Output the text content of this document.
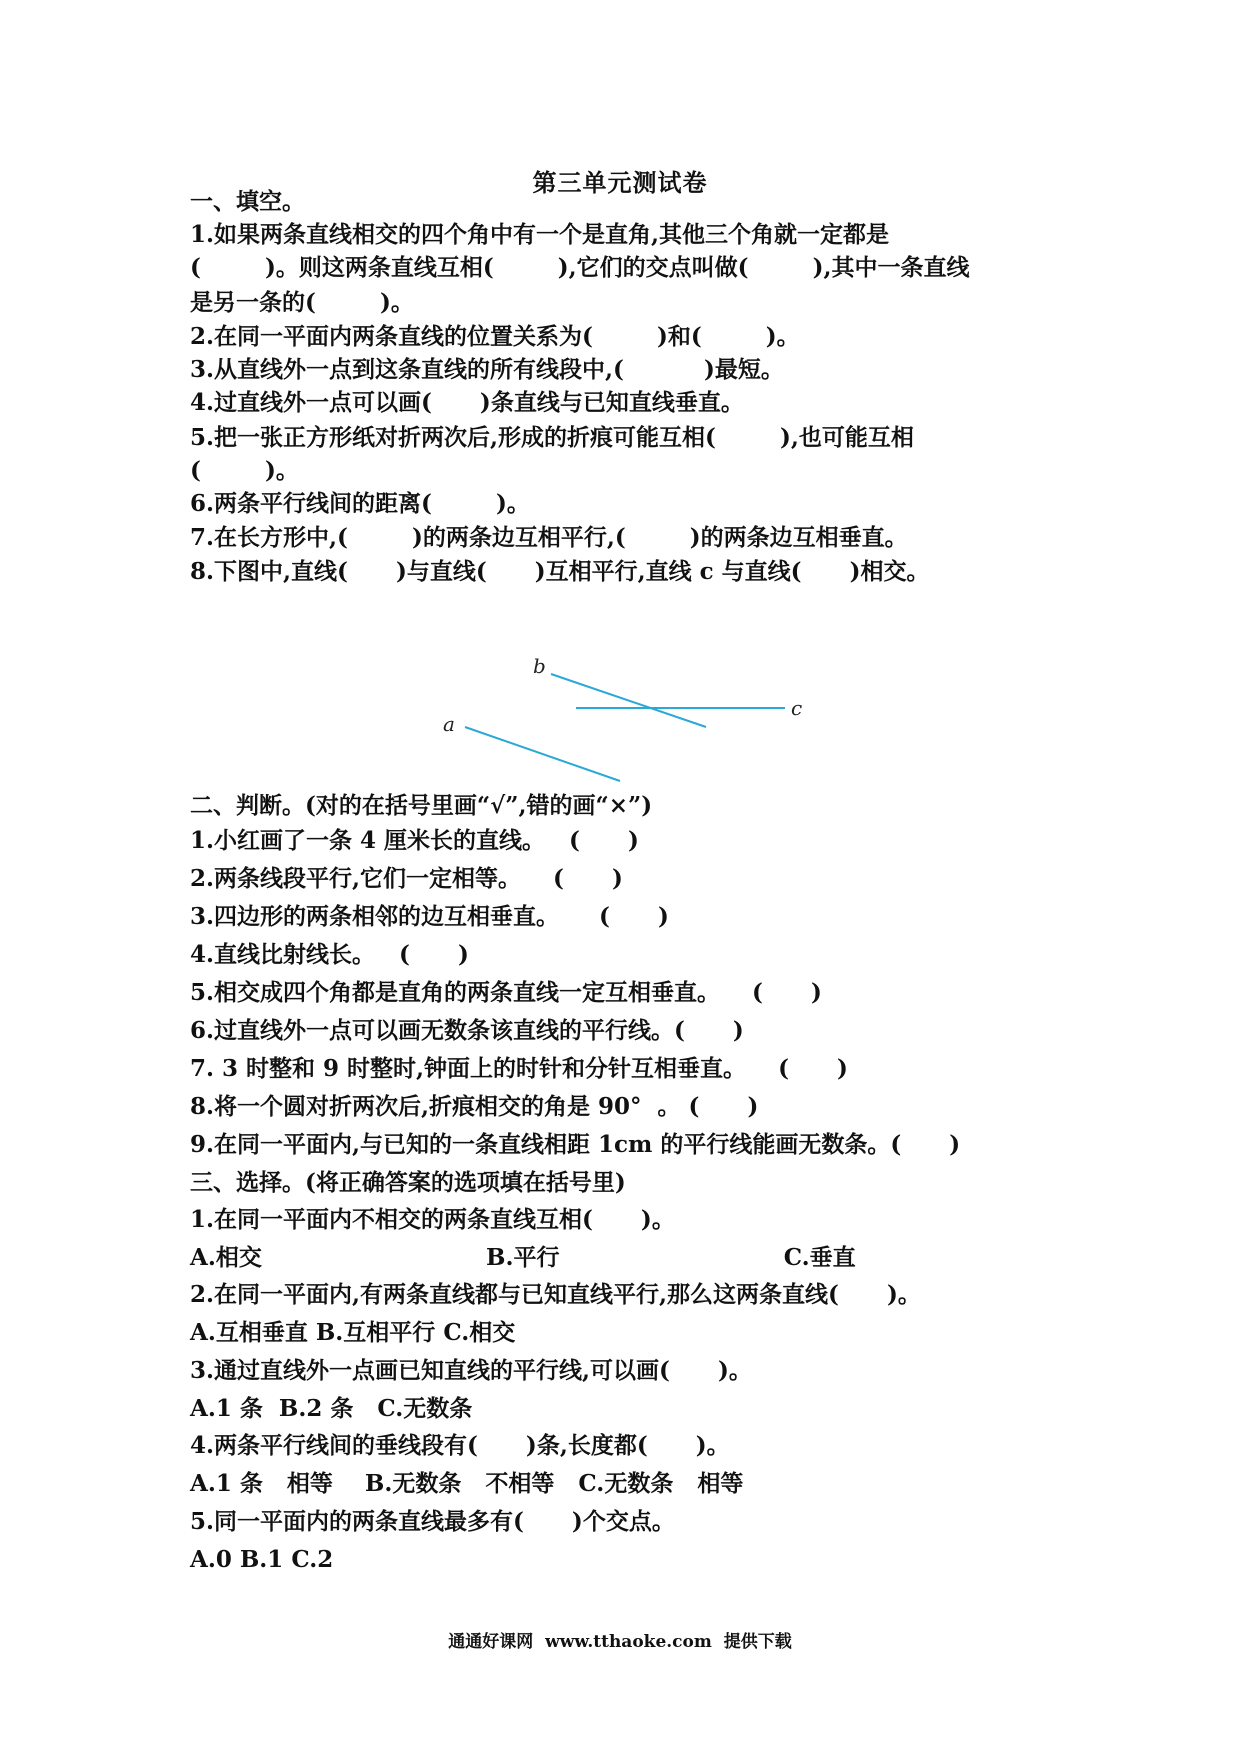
第三单元测试卷
一、填空。
1.如果两条直线相交的四个角中有一个是直角,其他三个角就一定都是
(        )。则这两条直线互相(        ),它们的交点叫做(        ),其中一条直线
是另一条的(        )。
2.在同一平面内两条直线的位置关系为(        )和(        )。
3.从直线外一点到这条直线的所有线段中,(          )最短。
4.过直线外一点可以画(      )条直线与已知直线垂直。
5.把一张正方形纸对折两次后,形成的折痕可能互相(        ),也可能互相
(        )。
6.两条平行线间的距离(        )。
7.在长方形中,(        )的两条边互相平行,(        )的两条边互相垂直。
8.下图中,直线(      )与直线(      )互相平行,直线 c 与直线(      )相交。
b
c
a
二、判断。(对的在括号里画“√”,错的画“×”)
1.小红画了一条 4 厘米长的直线。   (      )
2.两条线段平行,它们一定相等。    (      )
3.四边形的两条相邻的边互相垂直。     (      )
4.直线比射线长。   (      )
5.相交成四个角都是直角的两条直线一定互相垂直。    (      )
6.过直线外一点可以画无数条该直线的平行线。(      )
7. 3 时整和 9 时整时,钟面上的时针和分针互相垂直。    (      )
8.将一个圆对折两次后,折痕相交的角是 90°  。 (      )
9.在同一平面内,与已知的一条直线相距 1cm 的平行线能画无数条。(      )
三、选择。(将正确答案的选项填在括号里)
1.在同一平面内不相交的两条直线互相(      )。
A.相交                            B.平行                            C.垂直
2.在同一平面内,有两条直线都与已知直线平行,那么这两条直线(      )。
A.互相垂直 B.互相平行 C.相交
3.通过直线外一点画已知直线的平行线,可以画(      )。
A.1 条  B.2 条   C.无数条
4.两条平行线间的垂线段有(      )条,长度都(      )。
A.1 条   相等    B.无数条   不相等   C.无数条   相等
5.同一平面内的两条直线最多有(      )个交点。
A.0 B.1 C.2
通通好课网  www.tthaoke.com  提供下载
